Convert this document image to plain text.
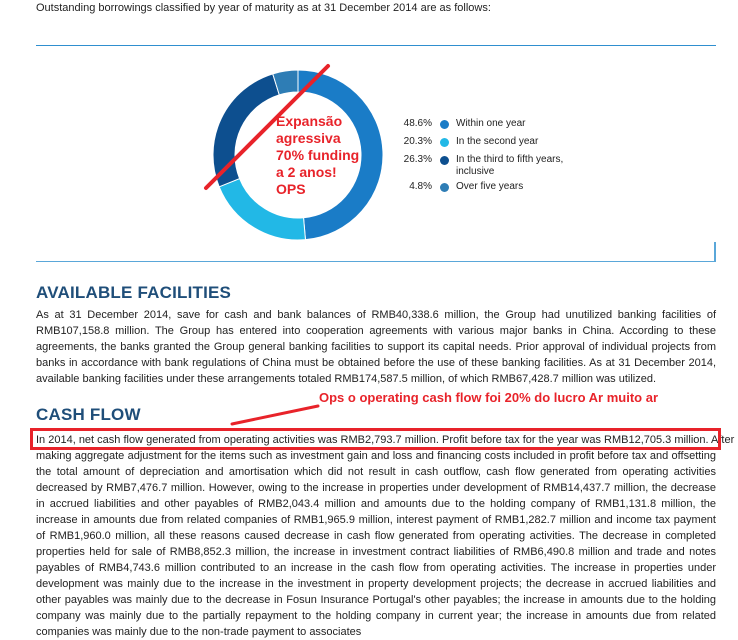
Outstanding borrowings classified by year of maturity as at 31 December 2014 are as follows:
48.6%	Within one year
20.3%	In the second year
26.3%	In the third to fifth years, inclusive
4.8%	Over five years
Expansão agressiva 70% funding a 2 anos! OPS
AVAILABLE FACILITIES

As at 31 December 2014, save for cash and bank balances of RMB40,338.6 million, the Group had unutilized banking facilities of RMB107,158.8 million. The Group has entered into cooperation agreements with various major banks in China. According to these agreements, the banks granted the Group general banking facilities to support its capital needs. Prior approval of individual projects from banks in accordance with bank regulations of China must be obtained before the use of these banking facilities. As at 31 December 2014, available banking facilities under these arrangements totaled RMB174,587.5 million, of which RMB67,428.7 million was utilized.

CASH FLOW
Ops o operating cash flow foi 20% do lucro Ar muito ar

In 2014, net cash flow generated from operating activities was RMB2,793.7 million. Profit before tax for the year was RMB12,705.3 million. After

making aggregate adjustment for the items such as investment gain and loss and financing costs included in profit before tax and offsetting the total amount of depreciation and amortisation which did not result in cash outflow, cash flow generated from operating activities decreased by RMB7,476.7 million. However, owing to the increase in properties under development of RMB14,437.7 million, the decrease in accrued liabilities and other payables of RMB2,043.4 million and amounts due to the holding company of RMB1,131.8 million, the increase in amounts due from related companies of RMB1,965.9 million, interest payment of RMB1,282.7 million and income tax payment of RMB1,960.0 million, all these reasons caused decrease in cash flow generated from operating activities. The decrease in completed properties held for sale of RMB8,852.3 million, the increase in investment contract liabilities of RMB6,490.8 million and trade and notes payables of RMB4,743.6 million contributed to an increase in the cash flow from operating activities. The increase in properties under development was mainly due to the increase in the investment in property development projects; the decrease in accrued liabilities and other payables was mainly due to the decrease in Fosun Insurance Portugal's other payables; the increase in amounts due to the holding company was mainly due to the partially repayment to the holding company in current year; the increase in amounts due from related companies was mainly due to the non-trade payment to associates
